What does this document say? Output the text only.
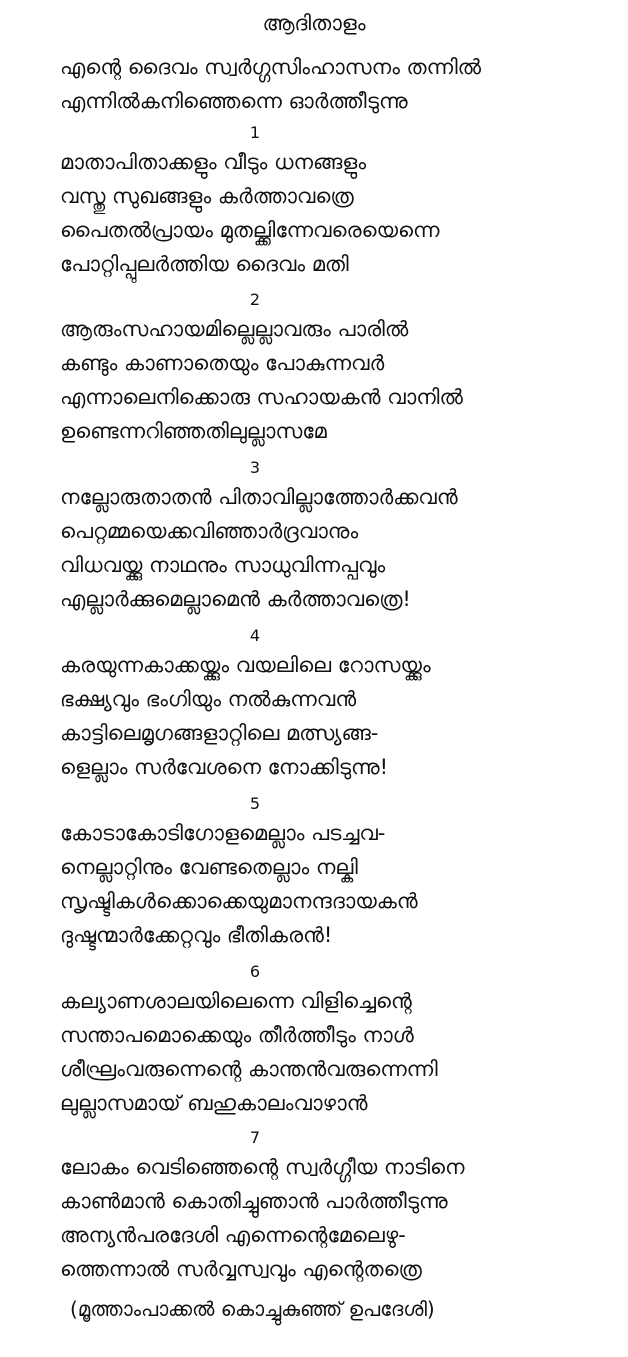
ആദിതാളം
എന്റെ ദൈവം സ്വർഗ്ഗസിംഹാസനം തന്നിൽ
എന്നിൽകനിഞ്ഞെന്നെ ഓർത്തീടുന്നു
1
മാതാപിതാക്കളും വീടും ധനങ്ങളും
വസ്തു സുഖങ്ങളും കർത്താവത്രെ
പൈതൽപ്രായം മുതല്ക്കിന്നേവരെയെന്നെ
പോറ്റിപ്പുലർത്തിയ ദൈവം മതി
2
ആരുംസഹായമില്ലെല്ലാവരും പാരിൽ
കണ്ടും കാണാതെയും പോകുന്നവർ
എന്നാലെനിക്കൊരു സഹായകൻ വാനിൽ
ഉണ്ടെന്നറിഞ്ഞതിലുല്ലാസമേ
3
നല്ലോരുതാതൻ പിതാവില്ലാത്തോർക്കവൻ
പെറ്റമ്മയെക്കവിഞ്ഞാർദ്രവാനും
വിധവയ്ക്കു നാഥനും സാധുവിന്നപ്പവും
എല്ലാർക്കുമെല്ലാമെൻ കർത്താവത്രെ!
4
കരയുന്നകാക്കയ്ക്കും വയലിലെ റോസയ്ക്കും
ഭക്ഷ്യവും ഭംഗിയും നൽകുന്നവൻ
കാട്ടിലെമൃഗങ്ങളാറ്റിലെ മത്സ്യങ്ങ-
ളെല്ലാം സർവേശനെ നോക്കിടുന്നു!
5
കോടാകോടിഗോളമെല്ലാം പടച്ചവ-
നെല്ലാറ്റിനും വേണ്ടതെല്ലാം നല്കി
സൃഷ്ടികൾക്കൊക്കെയുമാനന്ദദായകൻ
ദുഷ്ടന്മാർക്കേറ്റവും ഭീതികരൻ!
6
കല്യാണശാലയിലെന്നെ വിളിച്ചെന്റെ
സന്താപമൊക്കെയും തീർത്തീടും നാൾ
ശീഘ്രംവരുന്നെന്റെ കാന്തൻവരുന്നെന്നി
ലുല്ലാസമായ് ബഹുകാലംവാഴാൻ
7
ലോകം വെടിഞ്ഞെന്റെ സ്വർഗ്ഗീയ നാടിനെ
കാൺമാൻ കൊതിച്ചുഞാൻ പാർത്തീടുന്നു
അന്യൻപരദേശി എന്നെന്റെമേലെഴു-
ത്തെന്നാൽ സർവ്വസ്വവും എന്റെതത്രെ
(മൂത്താംപാക്കൽ കൊച്ചുകുഞ്ഞ് ഉപദേശി)
